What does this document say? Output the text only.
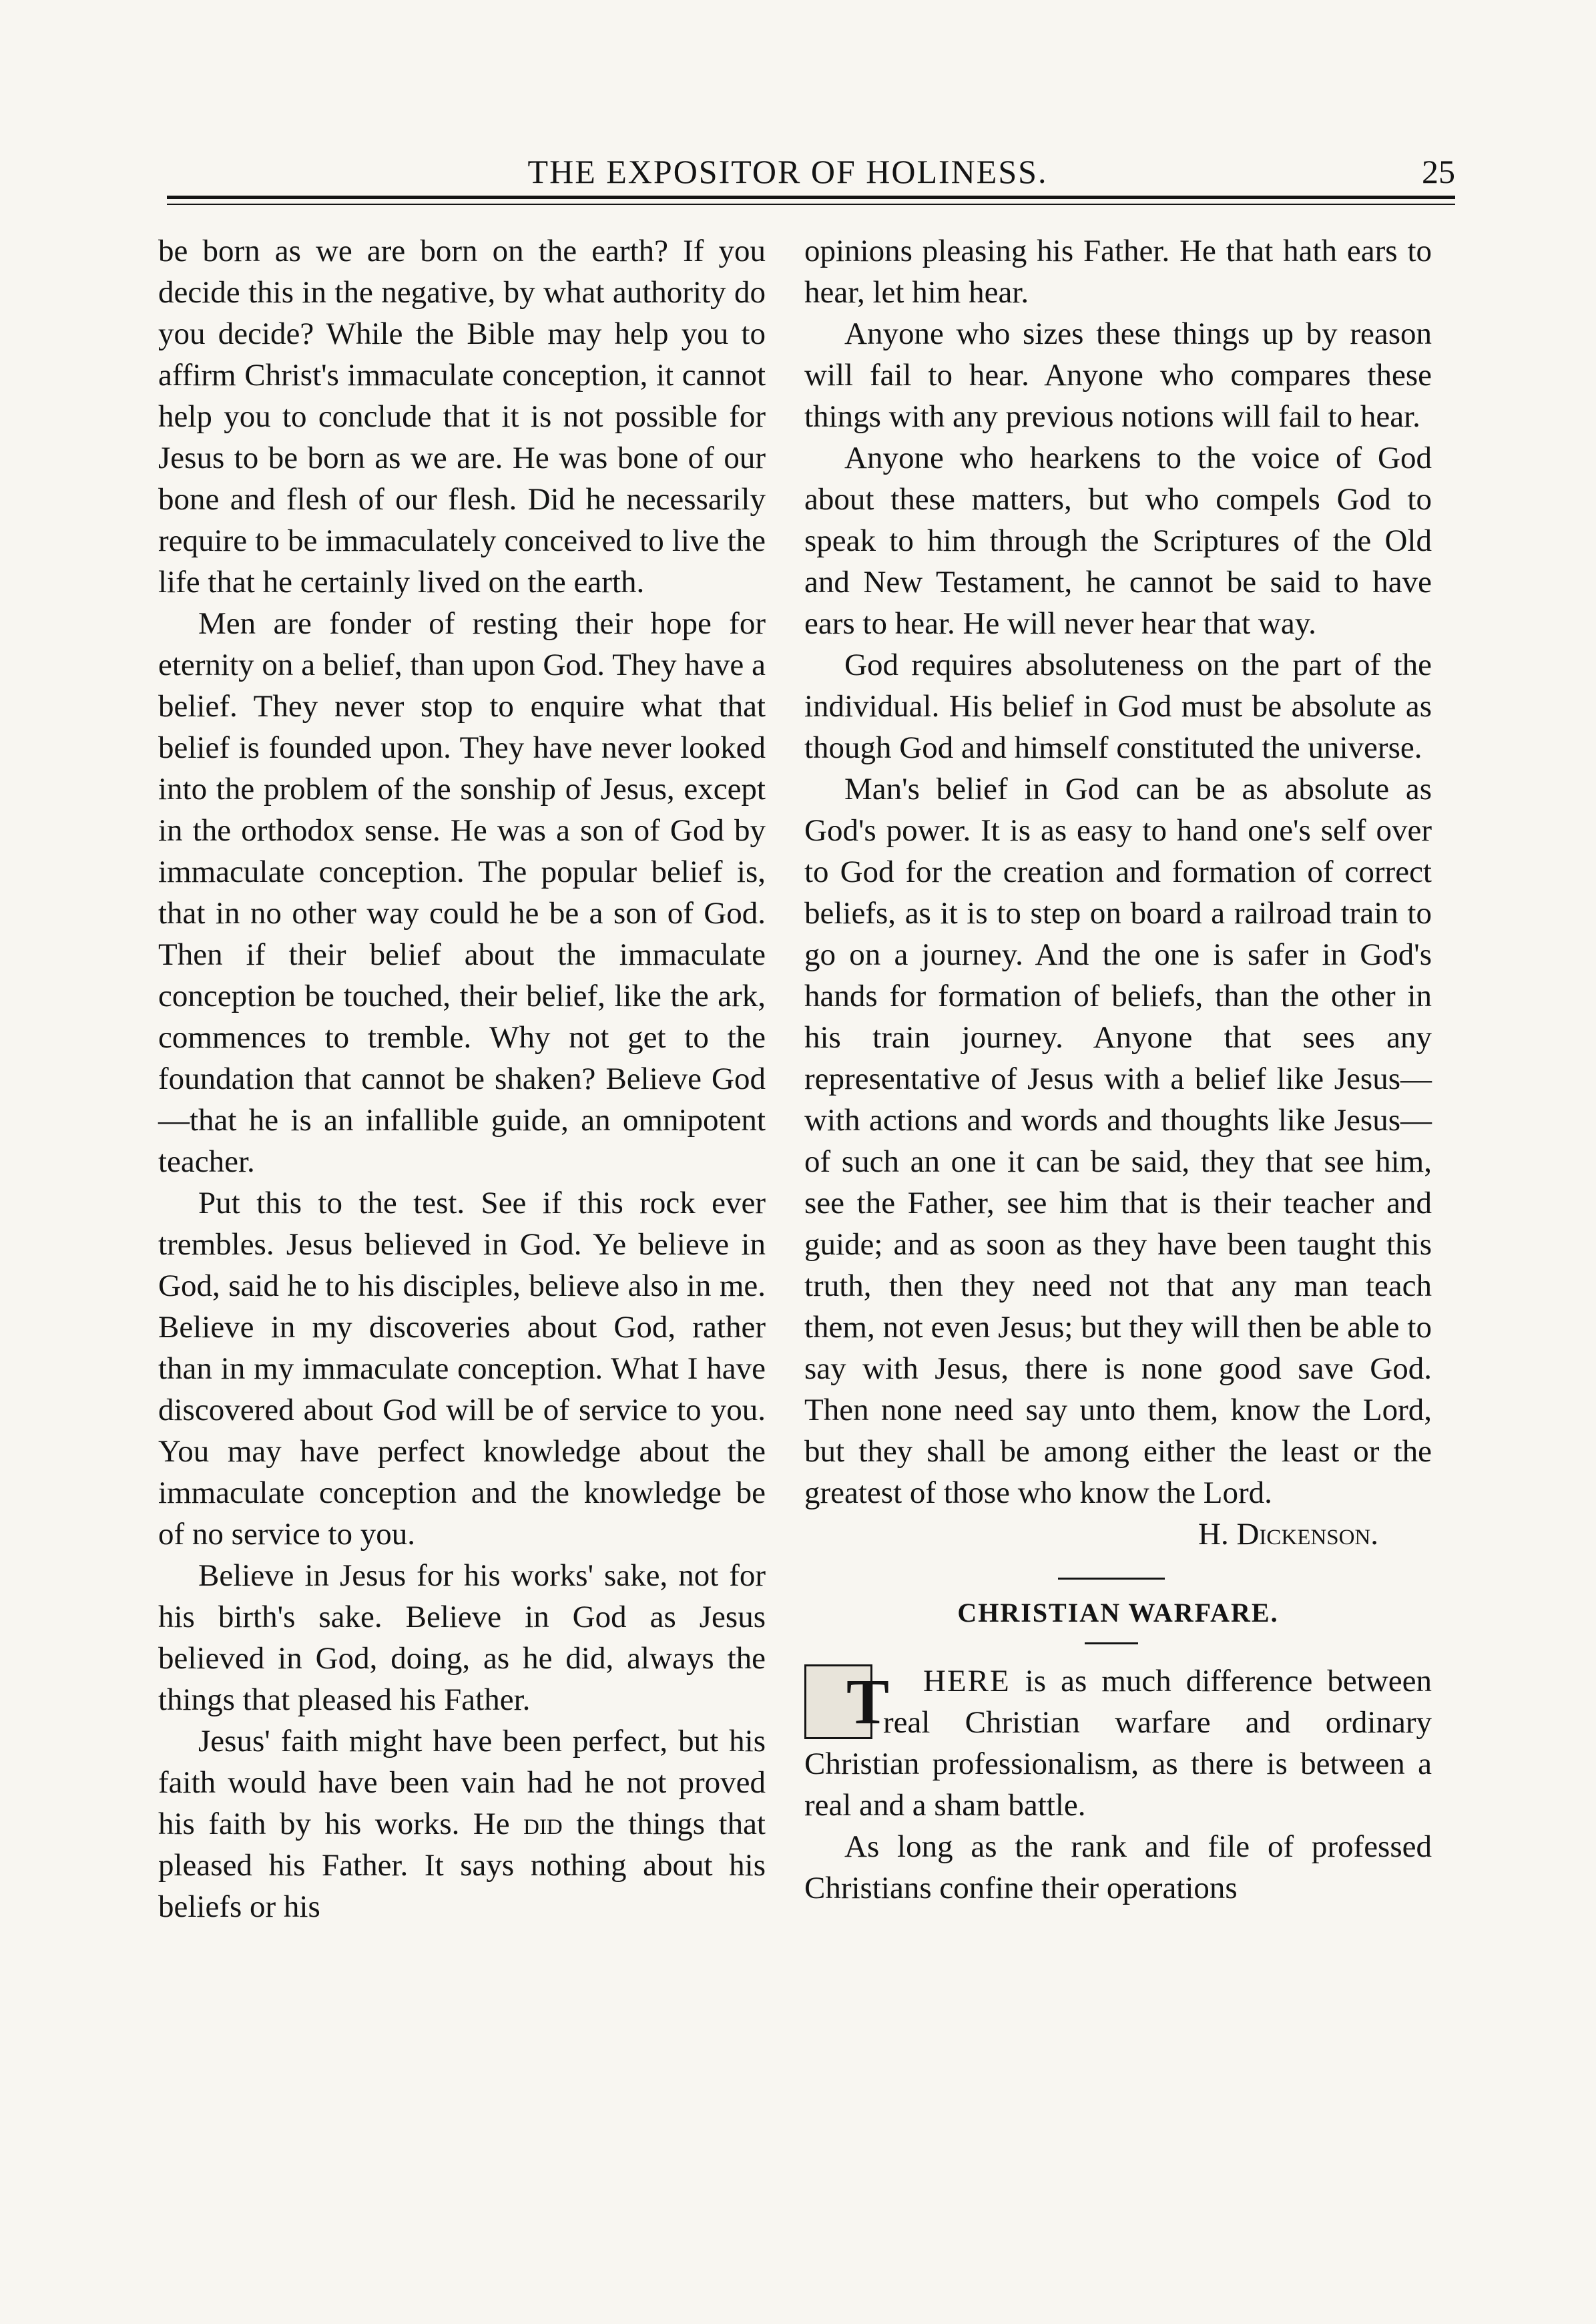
THE EXPOSITOR OF HOLINESS.	25

be born as we are born on the earth? If you decide this in the negative, by what authority do you decide? While the Bible may help you to affirm Christ's immaculate conception, it cannot help you to conclude that it is not possible for Jesus to be born as we are. He was bone of our bone and flesh of our flesh. Did he necessarily require to be immaculately conceived to live the life that he certainly lived on the earth.

Men are fonder of resting their hope for eternity on a belief, than upon God. They have a belief. They never stop to enquire what that belief is founded upon. They have never looked into the problem of the sonship of Jesus, except in the orthodox sense. He was a son of God by immaculate conception. The popular belief is, that in no other way could he be a son of God. Then if their belief about the immaculate conception be touched, their belief, like the ark, commences to tremble. Why not get to the foundation that cannot be shaken? Believe God—that he is an infallible guide, an omnipotent teacher.

Put this to the test. See if this rock ever trembles. Jesus believed in God. Ye believe in God, said he to his disciples, believe also in me. Believe in my discoveries about God, rather than in my immaculate conception. What I have discovered about God will be of service to you. You may have perfect knowledge about the immaculate conception and the knowledge be of no service to you.

Believe in Jesus for his works' sake, not for his birth's sake. Believe in God as Jesus believed in God, doing, as he did, always the things that pleased his Father.

Jesus' faith might have been perfect, but his faith would have been vain had he not proved his faith by his works. He did the things that pleased his Father. It says nothing about his beliefs or his

opinions pleasing his Father. He that hath ears to hear, let him hear.

Anyone who sizes these things up by reason will fail to hear. Anyone who compares these things with any previous notions will fail to hear.

Anyone who hearkens to the voice of God about these matters, but who compels God to speak to him through the Scriptures of the Old and New Testament, he cannot be said to have ears to hear. He will never hear that way.

God requires absoluteness on the part of the individual. His belief in God must be absolute as though God and himself constituted the universe.

Man's belief in God can be as absolute as God's power. It is as easy to hand one's self over to God for the creation and formation of correct beliefs, as it is to step on board a railroad train to go on a journey. And the one is safer in God's hands for formation of beliefs, than the other in his train journey. Anyone that sees any representative of Jesus with a belief like Jesus—with actions and words and thoughts like Jesus—of such an one it can be said, they that see him, see the Father, see him that is their teacher and guide; and as soon as they have been taught this truth, then they need not that any man teach them, not even Jesus; but they will then be able to say with Jesus, there is none good save God. Then none need say unto them, know the Lord, but they shall be among either the least or the greatest of those who know the Lord.

H. Dickenson.

CHRISTIAN WARFARE.

T HERE is as much difference between real Christian warfare and ordinary Christian professionalism, as there is between a real and a sham battle.

As long as the rank and file of professed Christians confine their operations
